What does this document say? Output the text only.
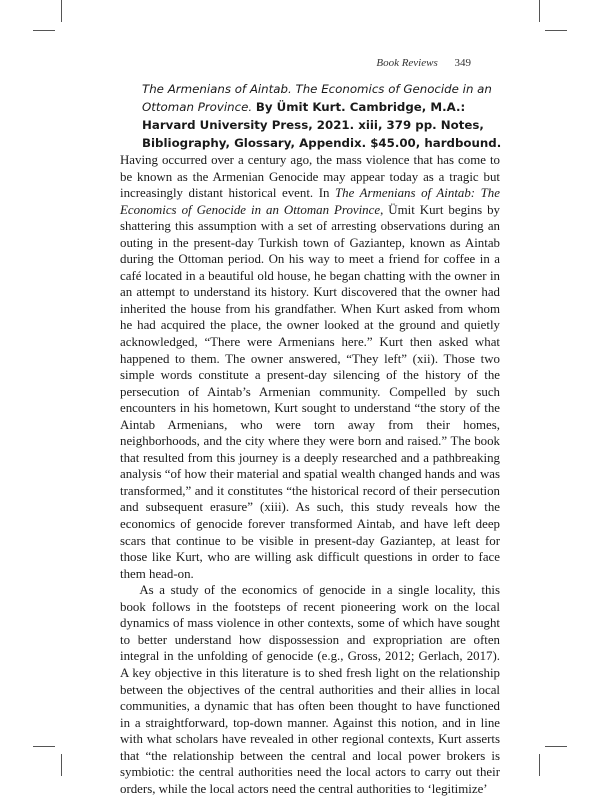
Book Reviews 349
The Armenians of Aintab. The Economics of Genocide in an Ottoman Province. By Ümit Kurt. Cambridge, M.A.: Harvard University Press, 2021. xiii, 379 pp. Notes, Bibliography, Glossary, Appendix. $45.00, hardbound.

Having occurred over a century ago, the mass violence that has come to be known as the Armenian Genocide may appear today as a tragic but increasingly distant historical event. In The Armenians of Aintab: The Economics of Genocide in an Ottoman Province, Ümit Kurt begins by shattering this assumption with a set of arresting observations during an outing in the present-day Turkish town of Gaziantep, known as Aintab during the Ottoman period. On his way to meet a friend for coffee in a café located in a beautiful old house, he began chatting with the owner in an attempt to understand its history. Kurt discovered that the owner had inherited the house from his grandfather. When Kurt asked from whom he had acquired the place, the owner looked at the ground and quietly acknowledged, “There were Armenians here.” Kurt then asked what happened to them. The owner answered, “They left” (xii). Those two simple words constitute a present-day silencing of the history of the persecution of Aintab’s Armenian community. Compelled by such encounters in his hometown, Kurt sought to understand “the story of the Aintab Armenians, who were torn away from their homes, neighborhoods, and the city where they were born and raised.” The book that resulted from this journey is a deeply researched and a pathbreaking analysis “of how their material and spatial wealth changed hands and was transformed,” and it constitutes “the historical record of their persecution and subsequent erasure” (xiii). As such, this study reveals how the economics of genocide forever transformed Aintab, and have left deep scars that continue to be visible in present-day Gaziantep, at least for those like Kurt, who are willing ask difficult questions in order to face them head-on.

As a study of the economics of genocide in a single locality, this book follows in the footsteps of recent pioneering work on the local dynamics of mass violence in other contexts, some of which have sought to better understand how dispossession and expropriation are often integral in the unfolding of genocide (e.g., Gross, 2012; Gerlach, 2017). A key objective in this literature is to shed fresh light on the relationship between the objectives of the central authorities and their allies in local communities, a dynamic that has often been thought to have functioned in a straightforward, top-down manner. Against this notion, and in line with what scholars have revealed in other regional contexts, Kurt asserts that “the relationship between the central and local power brokers is symbiotic: the central authorities need the local actors to carry out their orders, while the local actors need the central authorities to ‘legitimize’
